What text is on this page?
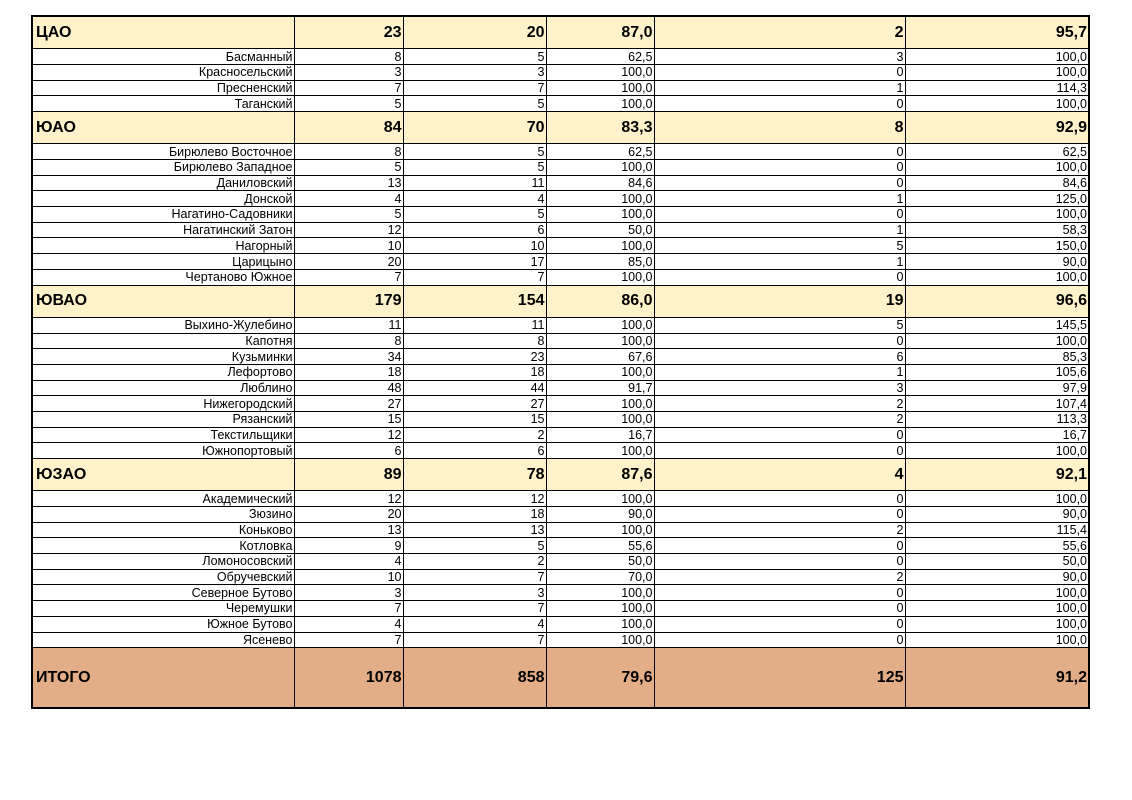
ЦАО	23	20	87,0	2	95,7
Басманный	8	5	62,5	3	100,0
Красносельский	3	3	100,0	0	100,0
Пресненский	7	7	100,0	1	114,3
Таганский	5	5	100,0	0	100,0
ЮАО	84	70	83,3	8	92,9
Бирюлево Восточное	8	5	62,5	0	62,5
Бирюлево Западное	5	5	100,0	0	100,0
Даниловский	13	11	84,6	0	84,6
Донской	4	4	100,0	1	125,0
Нагатино-Садовники	5	5	100,0	0	100,0
Нагатинский Затон	12	6	50,0	1	58,3
Нагорный	10	10	100,0	5	150,0
Царицыно	20	17	85,0	1	90,0
Чертаново Южное	7	7	100,0	0	100,0
ЮВАО	179	154	86,0	19	96,6
Выхино-Жулебино	11	11	100,0	5	145,5
Капотня	8	8	100,0	0	100,0
Кузьминки	34	23	67,6	6	85,3
Лефортово	18	18	100,0	1	105,6
Люблино	48	44	91,7	3	97,9
Нижегородский	27	27	100,0	2	107,4
Рязанский	15	15	100,0	2	113,3
Текстильщики	12	2	16,7	0	16,7
Южнопортовый	6	6	100,0	0	100,0
ЮЗАО	89	78	87,6	4	92,1
Академический	12	12	100,0	0	100,0
Зюзино	20	18	90,0	0	90,0
Коньково	13	13	100,0	2	115,4
Котловка	9	5	55,6	0	55,6
Ломоносовский	4	2	50,0	0	50,0
Обручевский	10	7	70,0	2	90,0
Северное Бутово	3	3	100,0	0	100,0
Черемушки	7	7	100,0	0	100,0
Южное Бутово	4	4	100,0	0	100,0
Ясенево	7	7	100,0	0	100,0
ИТОГО	1078	858	79,6	125	91,2
